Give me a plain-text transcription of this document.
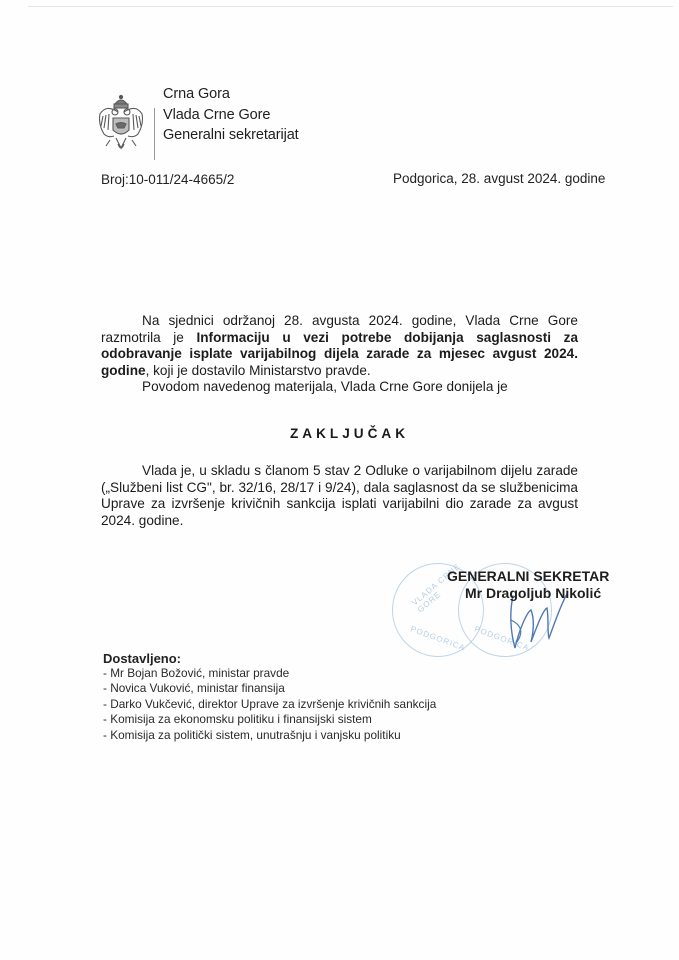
Crna Gora
Vlada Crne Gore
Generalni sekretarijat
Broj:10-011/24-4665/2	Podgorica, 28. avgust 2024. godine
Na sjednici održanoj 28. avgusta 2024. godine, Vlada Crne Gore razmotrila je Informaciju u vezi potrebe dobijanja saglasnosti za odobravanje isplate varijabilnog dijela zarade za mjesec avgust 2024. godine, koji je dostavilo Ministarstvo pravde.
Povodom navedenog materijala, Vlada Crne Gore donijela je
ZAKLJUČAK
Vlada je, u skladu s članom 5 stav 2 Odluke o varijabilnom dijelu zarade („Službeni list CG", br. 32/16, 28/17 i 9/24), dala saglasnost da se službenicima Uprave za izvršenje krivičnih sankcija isplati varijabilni dio zarade za avgust 2024. godine.
VLADA CRNE GORE
PODGORICA PODGORICA
GENERALNI SEKRETAR
Mr Dragoljub Nikolić
Dostavljeno:
- Mr Bojan Božović, ministar pravde
- Novica Vuković, ministar finansija
- Darko Vukčević, direktor Uprave za izvršenje krivičnih sankcija
- Komisija za ekonomsku politiku i finansijski sistem
- Komisija za politički sistem, unutrašnju i vanjsku politiku
